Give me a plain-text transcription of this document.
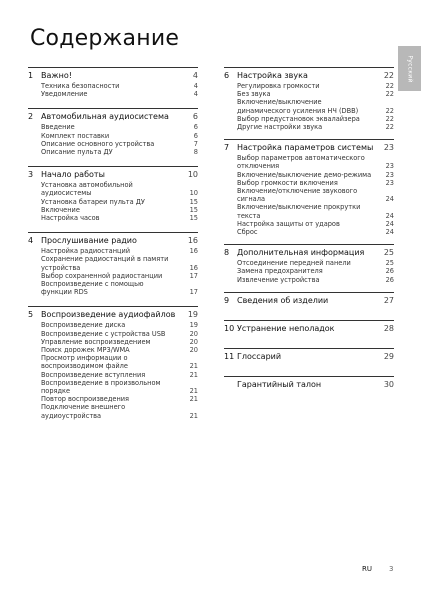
Содержание
Русский
1 Важно!	4
Техника безопасности	4
Уведомление	4
2 Автомобильная аудиосистема	6
Введение	6
Комплект поставки	6
Описание основного устройства	7
Описание пульта ДУ	8
3 Начало работы	10
Установка автомобильной
аудиосистемы	10
Установка батареи пульта ДУ	15
Включение	15
Настройка часов	15
4 Прослушивание радио	16
Настройка радиостанций	16
Сохранение радиостанций в памяти
устройства	16
Выбор сохраненной радиостанции	17
Воспроизведение с помощью
функции RDS	17
5 Воспроизведение аудиофайлов	19
Воспроизведение диска	19
Воспроизведение с устройства USB	20
Управление воспроизведением	20
Поиск дорожек MP3/WMA	20
Просмотр информации о
воспроизводимом файле	21
Воспроизведение вступления	21
Воспроизведение в произвольном
порядке	21
Повтор воспроизведения	21
Подключение внешнего
аудиоустройства	21
6 Настройка звука	22
Регулировка громкости	22
Без звука	22
Включение/выключение
динамического усиления НЧ (DBB)	22
Выбор предустановок эквалайзера	22
Другие настройки звука	22
7 Настройка параметров системы	23
Выбор параметров автоматического
отключения	23
Включение/выключение демо-режима	23
Выбор громкости включения	23
Включение/отключение звукового
сигнала	24
Включение/выключение прокрутки
текста	24
Настройка защиты от ударов	24
Сброс	24
8 Дополнительная информация	25
Отсоединение передней панели	25
Замена предохранителя	26
Извлечение устройства	26
9 Сведения об изделии	27
10 Устранение неполадок	28
11 Глоссарий	29
Гарантийный талон	30
RU 3
